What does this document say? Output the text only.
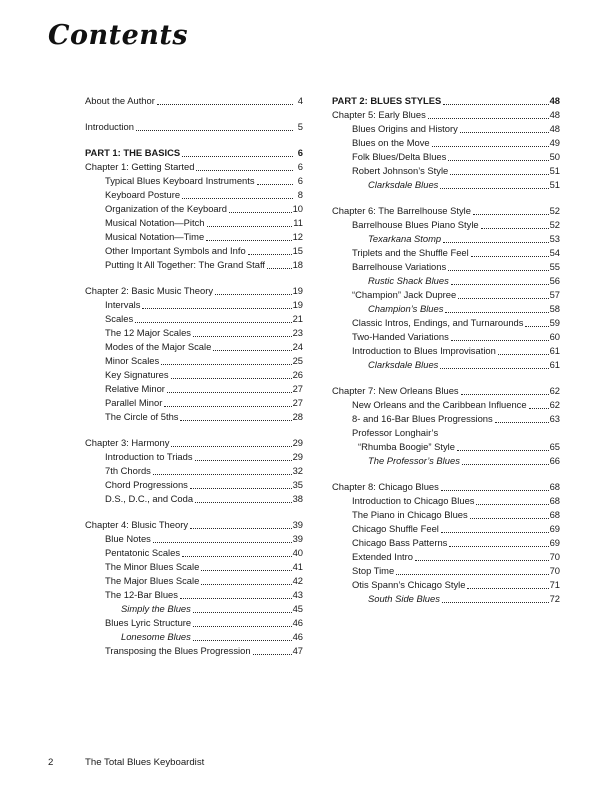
Contents
About the Author	4
Introduction	5
PART 1: THE BASICS	6
Chapter 1: Getting Started	6
Typical Blues Keyboard Instruments	6
Keyboard Posture	8
Organization of the Keyboard	10
Musical Notation—Pitch	11
Musical Notation—Time	12
Other Important Symbols and Info	15
Putting It All Together: The Grand Staff	18
Chapter 2: Basic Music Theory	19
Intervals	19
Scales	21
The 12 Major Scales	23
Modes of the Major Scale	24
Minor Scales	25
Key Signatures	26
Relative Minor	27
Parallel Minor	27
The Circle of 5ths	28
Chapter 3: Harmony	29
Introduction to Triads	29
7th Chords	32
Chord Progressions	35
D.S., D.C., and Coda	38
Chapter 4: Blusic Theory	39
Blue Notes	39
Pentatonic Scales	40
The Minor Blues Scale	41
The Major Blues Scale	42
The 12-Bar Blues	43
Simply the Blues	45
Blues Lyric Structure	46
Lonesome Blues	46
Transposing the Blues Progression	47
PART 2: BLUES STYLES	48
Chapter 5: Early Blues	48
Blues Origins and History	48
Blues on the Move	49
Folk Blues/Delta Blues	50
Robert Johnson’s Style	51
Clarksdale Blues	51
Chapter 6: The Barrelhouse Style	52
Barrelhouse Blues Piano Style	52
Texarkana Stomp	53
Triplets and the Shuffle Feel	54
Barrelhouse Variations	55
Rustic Shack Blues	56
“Champion” Jack Dupree	57
Champion’s Blues	58
Classic Intros, Endings, and Turnarounds	59
Two-Handed Variations	60
Introduction to Blues Improvisation	61
Clarksdale Blues	61
Chapter 7: New Orleans Blues	62
New Orleans and the Caribbean Influence 62
8- and 16-Bar Blues Progressions	63
Professor Longhair’s
“Rhumba Boogie” Style	65
The Professor’s Blues	66
Chapter 8: Chicago Blues	68
Introduction to Chicago Blues	68
The Piano in Chicago Blues	68
Chicago Shuffle Feel	69
Chicago Bass Patterns	69
Extended Intro	70
Stop Time	70
Otis Spann’s Chicago Style	71
South Side Blues	72
2	The Total Blues Keyboardist
